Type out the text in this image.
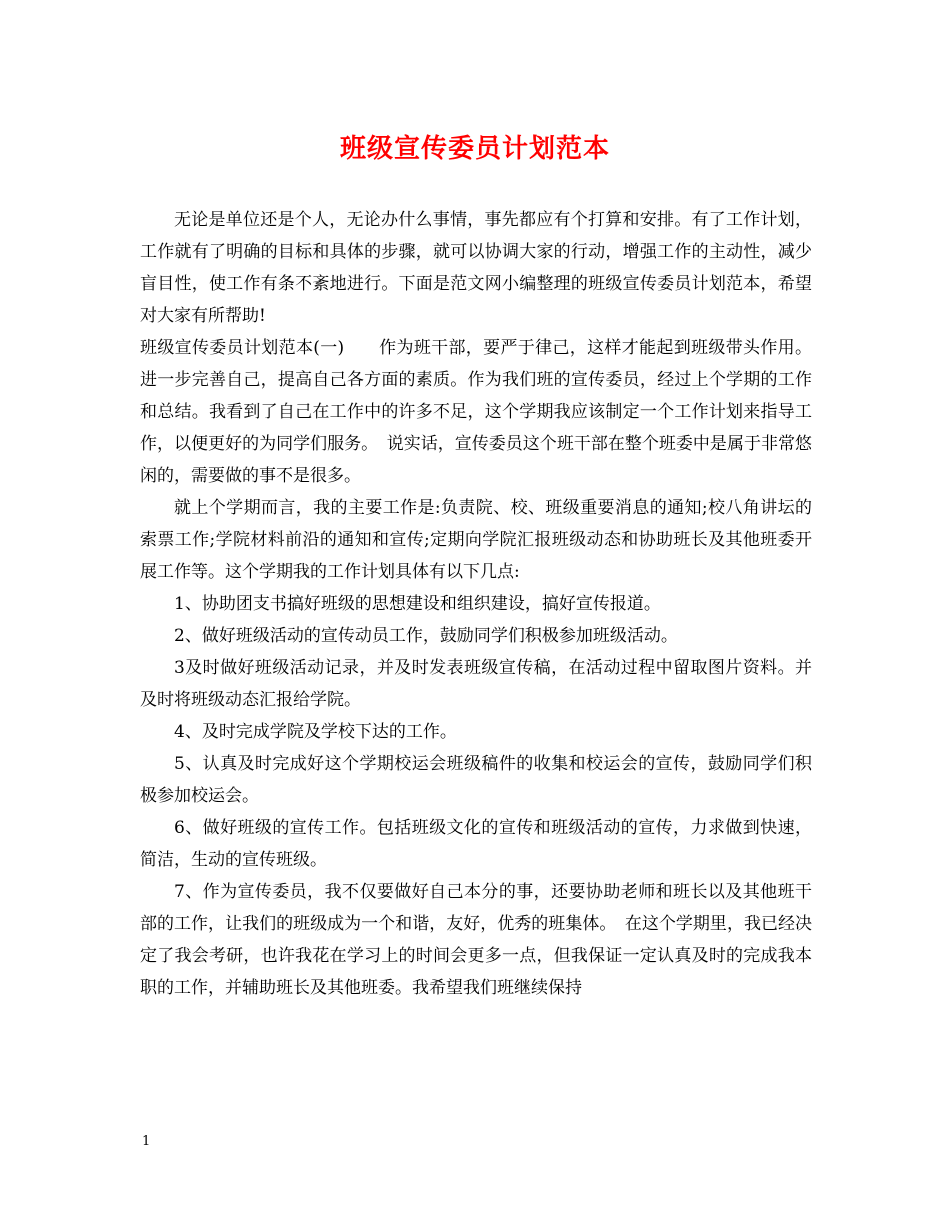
班级宣传委员计划范本

无论是单位还是个人，无论办什么事情，事先都应有个打算和安排。有了工作计划，工作就有了明确的目标和具体的步骤，就可以协调大家的行动，增强工作的主动性，减少盲目性，使工作有条不紊地进行。下面是范文网小编整理的班级宣传委员计划范本，希望对大家有所帮助!

班级宣传委员计划范本(一)　　作为班干部，要严于律己，这样才能起到班级带头作用。进一步完善自己，提高自己各方面的素质。作为我们班的宣传委员，经过上个学期的工作和总结。我看到了自己在工作中的许多不足，这个学期我应该制定一个工作计划来指导工作，以便更好的为同学们服务。　说实话，宣传委员这个班干部在整个班委中是属于非常悠闲的，需要做的事不是很多。

就上个学期而言，我的主要工作是:负责院、校、班级重要消息的通知;校八角讲坛的索票工作;学院材料前沿的通知和宣传;定期向学院汇报班级动态和协助班长及其他班委开展工作等。这个学期我的工作计划具体有以下几点:

1、协助团支书搞好班级的思想建设和组织建设，搞好宣传报道。

2、做好班级活动的宣传动员工作，鼓励同学们积极参加班级活动。

3及时做好班级活动记录，并及时发表班级宣传稿，在活动过程中留取图片资料。并及时将班级动态汇报给学院。

4、及时完成学院及学校下达的工作。

5、认真及时完成好这个学期校运会班级稿件的收集和校运会的宣传，鼓励同学们积极参加校运会。

6、做好班级的宣传工作。包括班级文化的宣传和班级活动的宣传，力求做到快速，简洁，生动的宣传班级。

7、作为宣传委员，我不仅要做好自己本分的事，还要协助老师和班长以及其他班干部的工作，让我们的班级成为一个和谐，友好，优秀的班集体。　在这个学期里，我已经决定了我会考研，也许我花在学习上的时间会更多一点，但我保证一定认真及时的完成我本职的工作，并辅助班长及其他班委。我希望我们班继续保持

1
